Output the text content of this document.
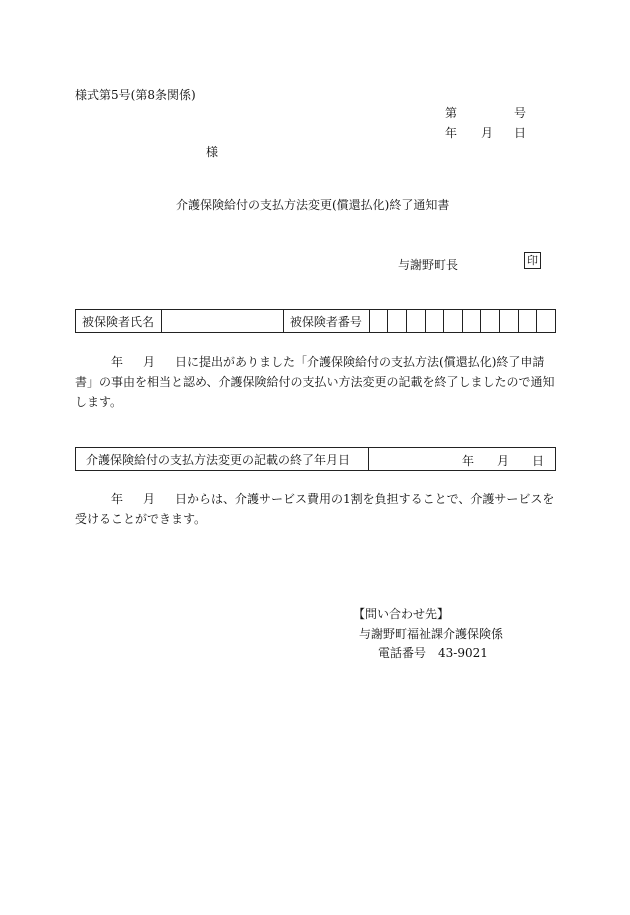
様式第5号(第8条関係)
第	号
年 月 日
様
介護保険給付の支払方法変更(償還払化)終了通知書
与謝野町長	印
被保険者氏名		被保険者番号										
年 月 日に提出がありました「介護保険給付の支払方法(償還払化)終了申請書」の事由を相当と認め、介護保険給付の支払い方法変更の記載を終了しましたので通知します。
介護保険給付の支払方法変更の記載の終了年月日	年 月 日
年 月 日からは、介護サービス費用の1割を負担することで、介護サービスを受けることができます。
【問い合わせ先】
与謝野町福祉課介護保険係
電話番号 43-9021
